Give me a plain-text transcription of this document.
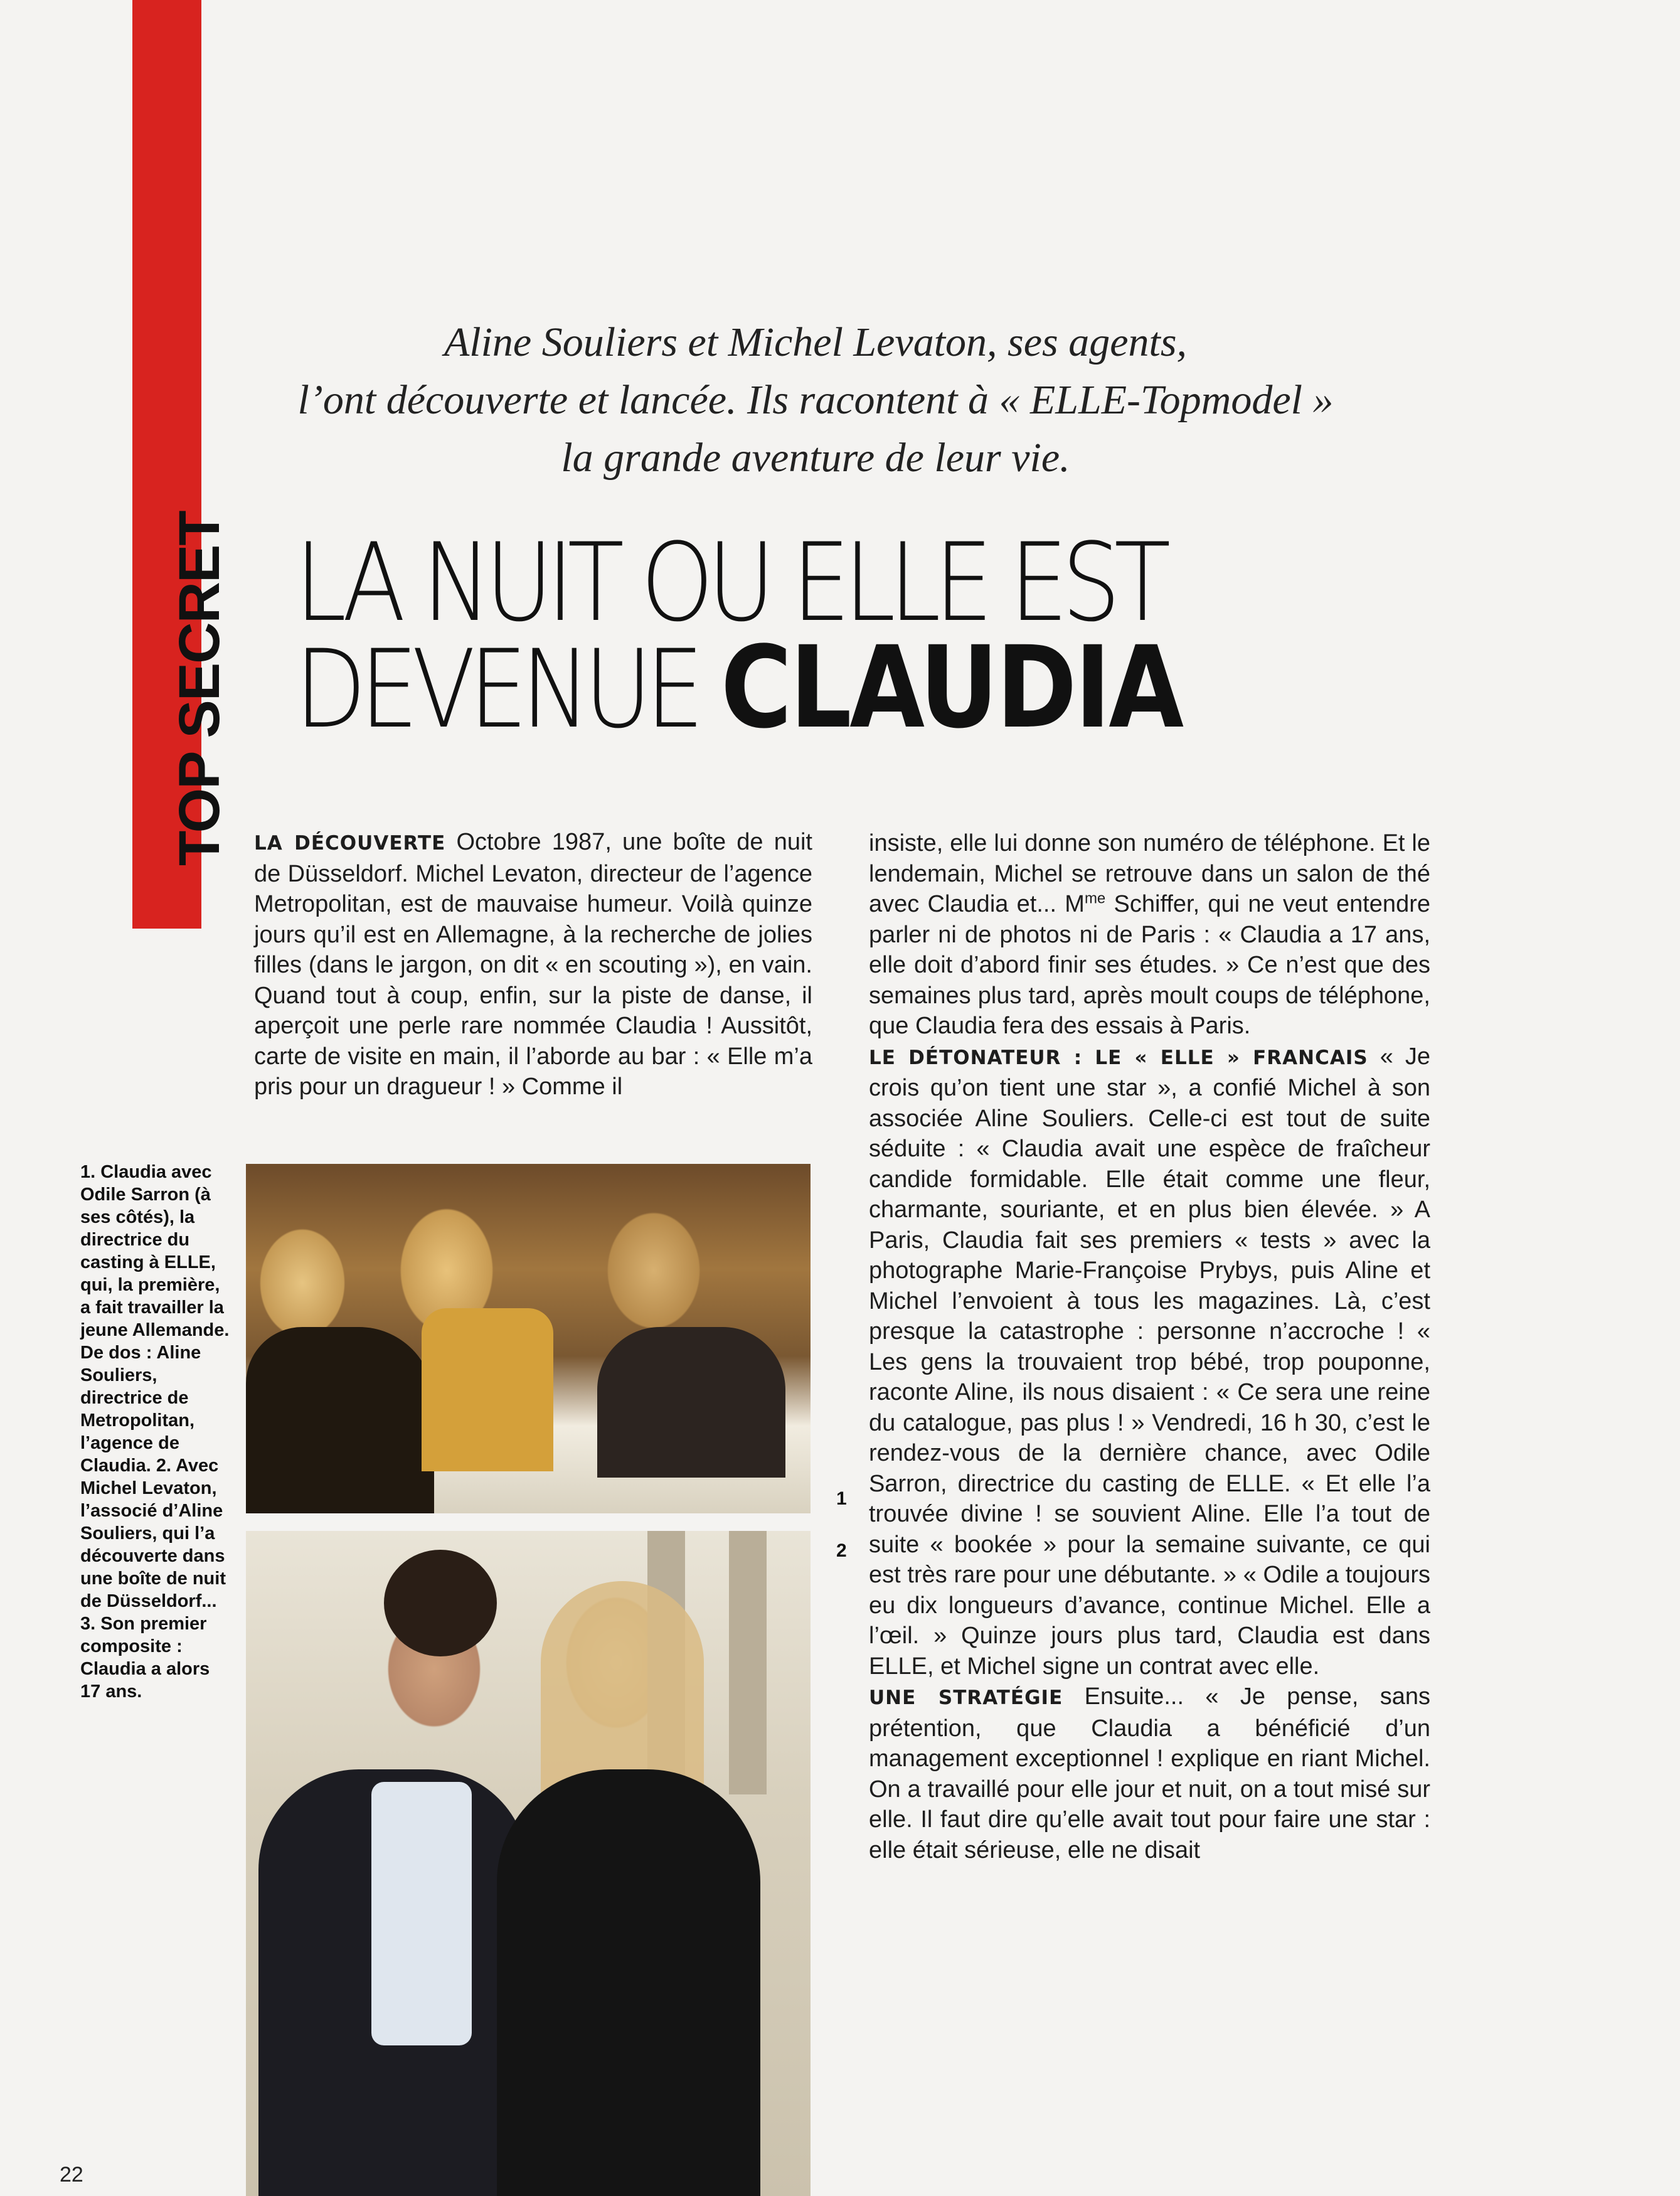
TOP SECRET
Aline Souliers et Michel Levaton, ses agents,
l’ont découverte et lancée. Ils racontent à « ELLE-Topmodel »
la grande aventure de leur vie.
LA NUIT OU ELLE EST
DEVENUE CLAUDIA
LA DÉCOUVERTE Octobre 1987, une boîte de nuit de Düsseldorf. Michel Levaton, directeur de l’agence Metropolitan, est de mauvaise humeur. Voilà quinze jours qu’il est en Allemagne, à la recherche de jolies filles (dans le jargon, on dit « en scouting »), en vain. Quand tout à coup, enfin, sur la piste de danse, il aperçoit une perle rare nommée Claudia ! Aussitôt, carte de visite en main, il l’aborde au bar : « Elle m’a pris pour un dragueur ! » Comme il
insiste, elle lui donne son numéro de téléphone. Et le lendemain, Michel se retrouve dans un salon de thé avec Claudia et... $M^{me}$ Schiffer, qui ne veut entendre parler ni de photos ni de Paris : « Claudia a 17 ans, elle doit d’abord finir ses études. » Ce n’est que des semaines plus tard, après moult coups de téléphone, que Claudia fera des essais à Paris.
LE DÉTONATEUR : LE « ELLE » FRANCAIS « Je crois qu’on tient une star », a confié Michel à son associée Aline Souliers. Celle-ci est tout de suite séduite : « Claudia avait une espèce de fraîcheur candide formidable. Elle était comme une fleur, charmante, souriante, et en plus bien élevée. » A Paris, Claudia fait ses premiers « tests » avec la photographe Marie-Françoise Prybys, puis Aline et Michel l’envoient à tous les magazines. Là, c’est presque la catastrophe : personne n’accroche ! « Les gens la trouvaient trop bébé, trop pouponne, raconte Aline, ils nous disaient : « Ce sera une reine du catalogue, pas plus ! » Vendredi, 16 h 30, c’est le rendez-vous de la dernière chance, avec Odile Sarron, directrice du casting de ELLE. « Et elle l’a trouvée divine ! se souvient Aline. Elle l’a tout de suite « bookée » pour la semaine suivante, ce qui est très rare pour une débutante. » « Odile a toujours eu dix longueurs d’avance, continue Michel. Elle a l’œil. » Quinze jours plus tard, Claudia est dans ELLE, et Michel signe un contrat avec elle.
UNE STRATÉGIE Ensuite... « Je pense, sans prétention, que Claudia a bénéficié d’un management exceptionnel ! explique en riant Michel. On a travaillé pour elle jour et nuit, on a tout misé sur elle. Il faut dire qu’elle avait tout pour faire une star : elle était sérieuse, elle ne disait
1. Claudia avec Odile Sarron (à ses côtés), la directrice du casting à ELLE, qui, la première, a fait travailler la jeune Allemande. De dos : Aline Souliers, directrice de Metropolitan, l’agence de Claudia. 2. Avec Michel Levaton, l’associé d’Aline Souliers, qui l’a découverte dans une boîte de nuit de Düsseldorf... 3. Son premier composite : Claudia a alors 17 ans.
1
2
22
